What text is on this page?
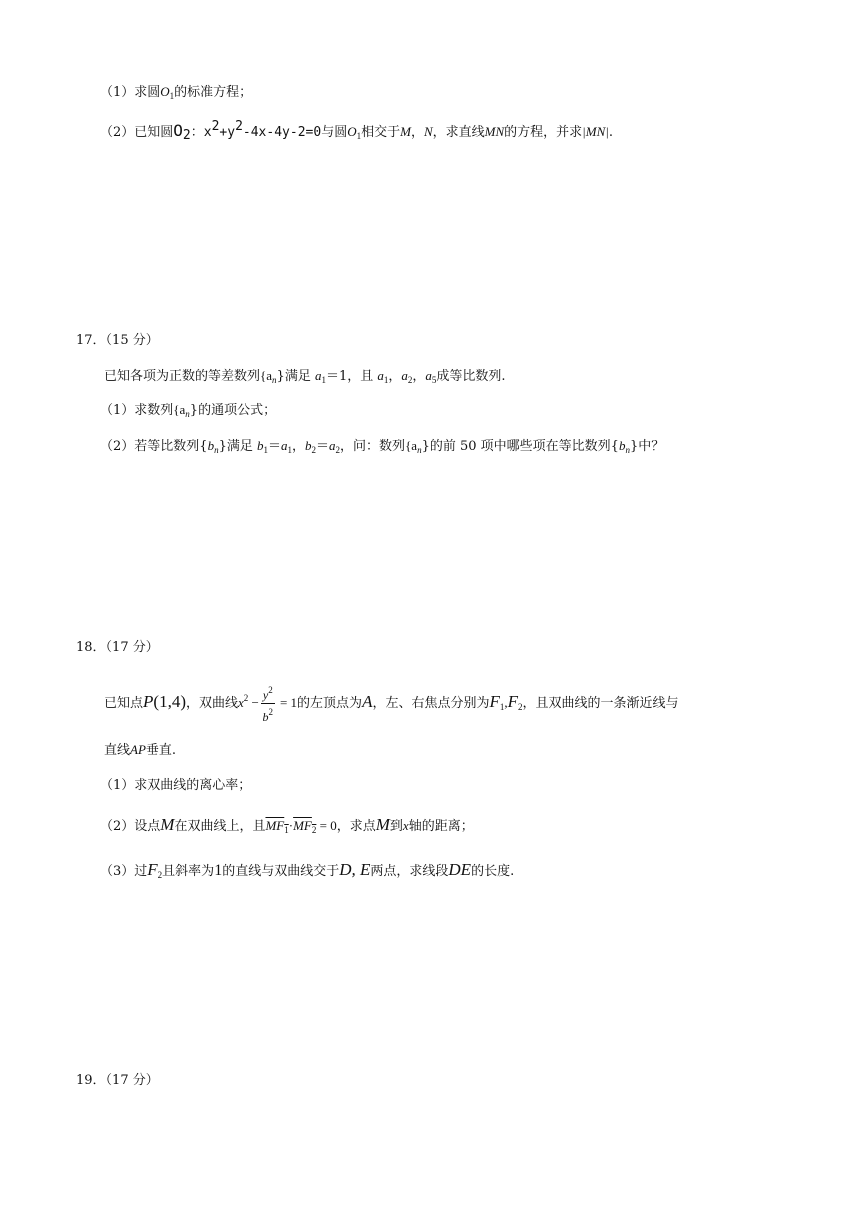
（1）求圆$O_1$的标准方程；
（2）已知圆$O_2$：$x^2+y^2-4x-4y-2=0$与圆$O_1$相交于M，N，求直线MN的方程，并求|MN|.
17．（15 分）
已知各项为正数的等差数列$\{a_n\}$满足 $a_1=1$，且 $a_1$，$a_2$，$a_5$成等比数列.
（1）求数列$\{a_n\}$的通项公式；
（2）若等比数列$\{b_n\}$满足 $b_1=a_1$，$b_2=a_2$，问：数列$\{a_n\}$的前 50 项中哪些项在等比数列$\{b_n\}$中？
18．（17 分）
已知点P(1,4)，双曲线$x^2 - \frac{y^2}{b^2} = 1$的左顶点为A，左、右焦点分别为$F_1,F_2$，且双曲线的一条渐近线与
直线AP垂直.
（1）求双曲线的离心率；
（2）设点M在双曲线上，且$MF_1\cdot MF_2 = 0$，求点M到x轴的距离；
（3）过$F_2$且斜率为1的直线与双曲线交于D, E两点，求线段DE的长度.
19．（17 分）
